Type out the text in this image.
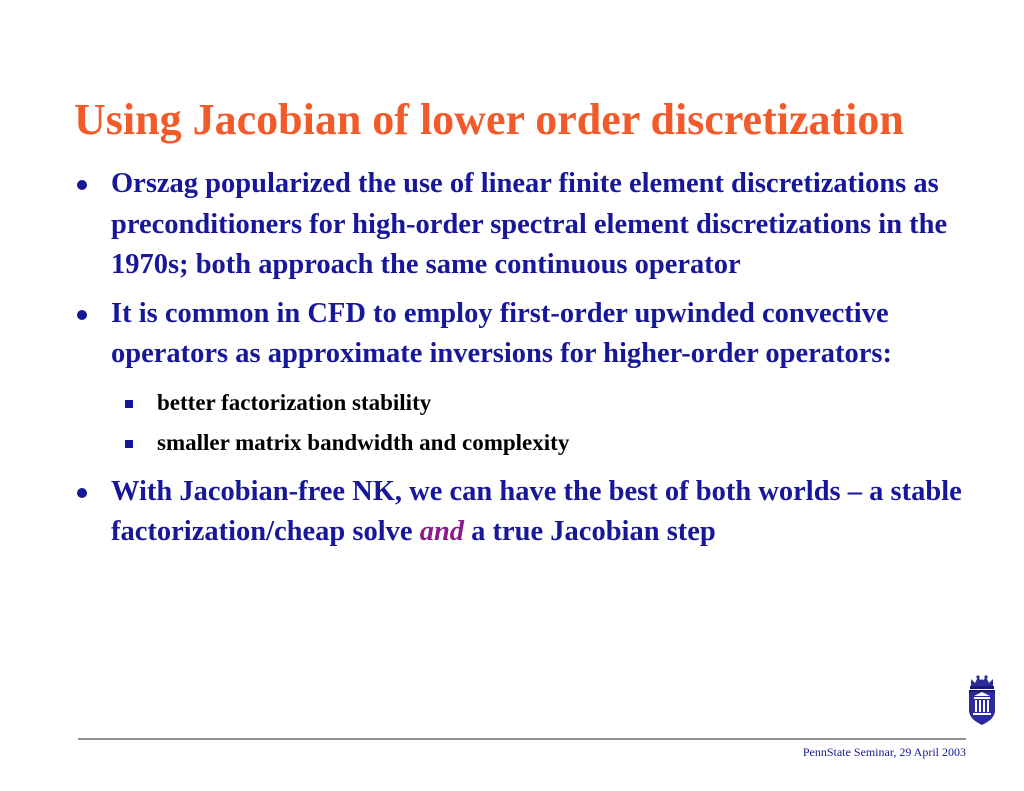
Using Jacobian of lower order discretization
Orszag popularized the use of linear finite element discretizations as preconditioners for high-order spectral element discretizations in the 1970s; both approach the same continuous operator
It is common in CFD to employ first-order upwinded convective operators as approximate inversions for higher-order operators:
better factorization stability
smaller matrix bandwidth and complexity
With Jacobian-free NK, we can have the best of both worlds – a stable factorization/cheap solve and a true Jacobian step
PennState Seminar, 29 April 2003
